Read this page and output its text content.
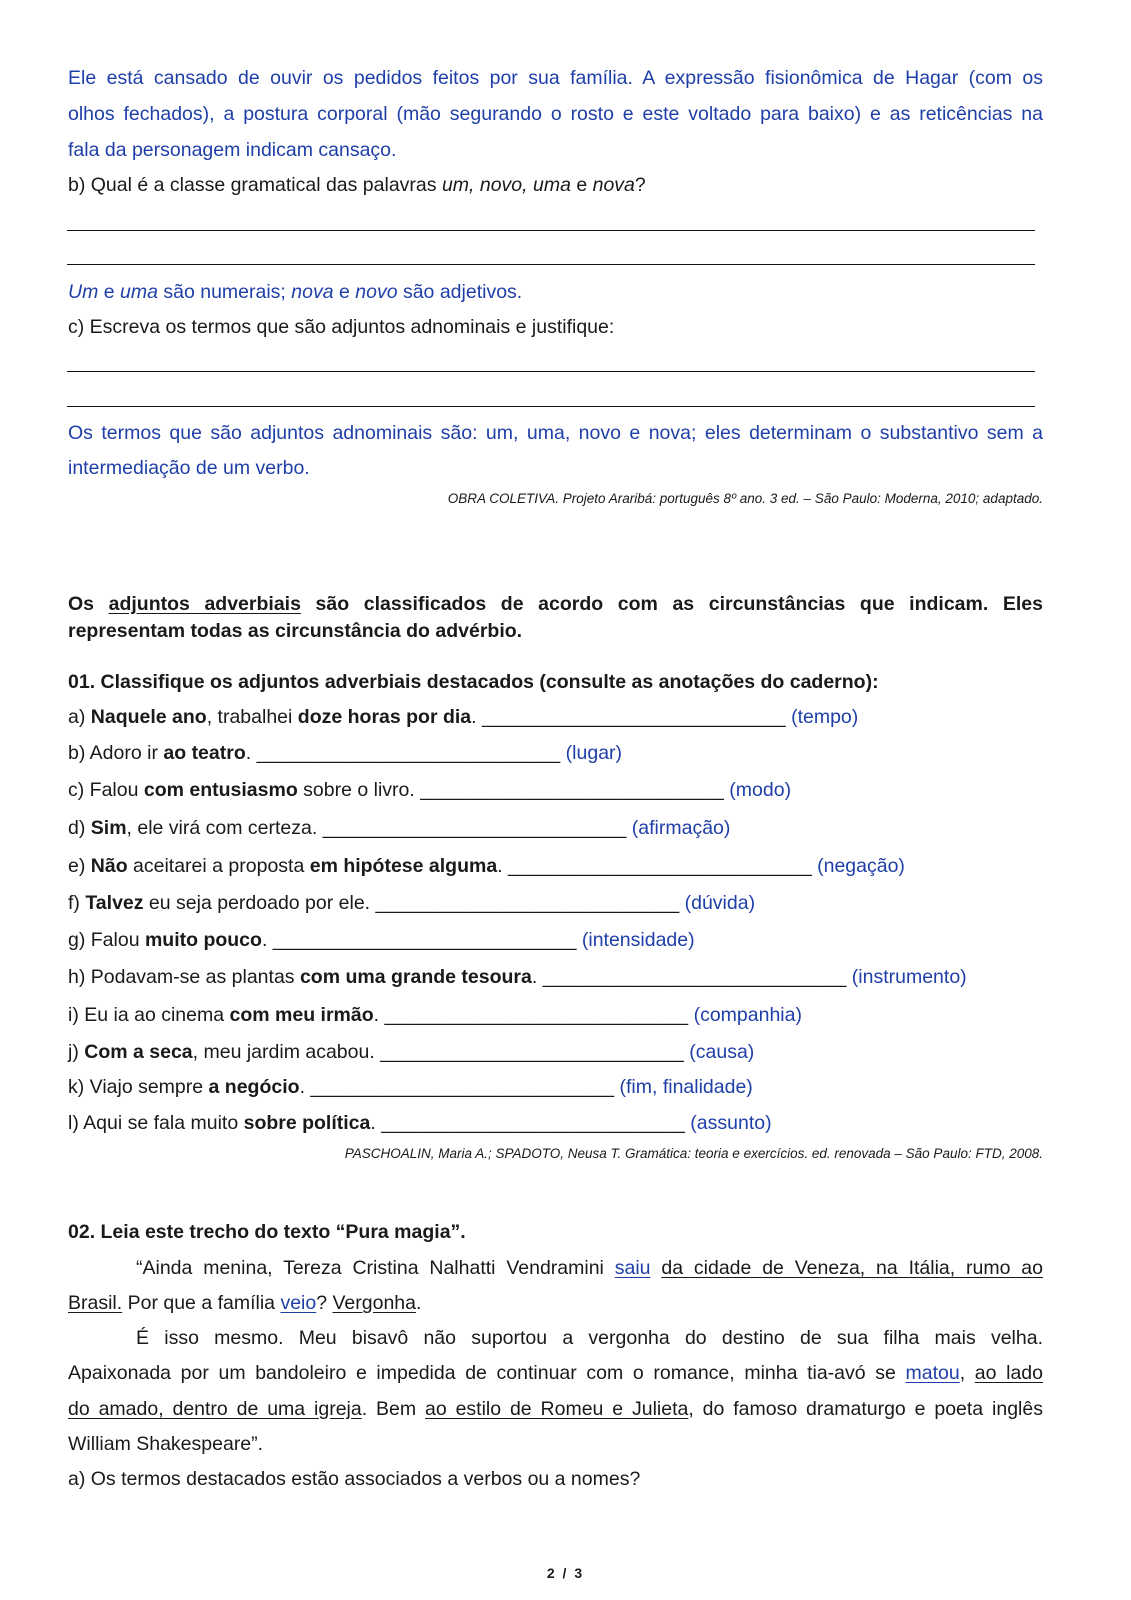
Ele está cansado de ouvir os pedidos feitos por sua família. A expressão fisionômica de Hagar (com os
olhos fechados), a postura corporal (mão segurando o rosto e este voltado para baixo) e as reticências na
fala da personagem indicam cansaço.
b) Qual é a classe gramatical das palavras um, novo, uma e nova?
Um e uma são numerais; nova e novo são adjetivos.
c) Escreva os termos que são adjuntos adnominais e justifique:
Os termos que são adjuntos adnominais são: um, uma, novo e nova; eles determinam o substantivo sem a
intermediação de um verbo.
OBRA COLETIVA. Projeto Araribá: português 8º ano. 3 ed. – São Paulo: Moderna, 2010; adaptado.
Os adjuntos adverbiais são classificados de acordo com as circunstâncias que indicam. Eles
representam todas as circunstância do advérbio.
01. Classifique os adjuntos adverbiais destacados (consulte as anotações do caderno):
a) Naquele ano, trabalhei doze horas por dia. ____________________________ (tempo)
b) Adoro ir ao teatro. ____________________________ (lugar)
c) Falou com entusiasmo sobre o livro. ____________________________ (modo)
d) Sim, ele virá com certeza. ____________________________ (afirmação)
e) Não aceitarei a proposta em hipótese alguma. ____________________________ (negação)
f) Talvez eu seja perdoado por ele. ____________________________ (dúvida)
g) Falou muito pouco. ____________________________ (intensidade)
h) Podavam-se as plantas com uma grande tesoura. ____________________________ (instrumento)
i) Eu ia ao cinema com meu irmão. ____________________________ (companhia)
j) Com a seca, meu jardim acabou. ____________________________ (causa)
k) Viajo sempre a negócio. ____________________________ (fim, finalidade)
l) Aqui se fala muito sobre política. ____________________________ (assunto)
PASCHOALIN, Maria A.; SPADOTO, Neusa T. Gramática: teoria e exercícios. ed. renovada – São Paulo: FTD, 2008.
02. Leia este trecho do texto “Pura magia”.
“Ainda menina, Tereza Cristina Nalhatti Vendramini saiu da cidade de Veneza, na Itália, rumo ao
Brasil. Por que a família veio? Vergonha.
É isso mesmo. Meu bisavô não suportou a vergonha do destino de sua filha mais velha.
Apaixonada por um bandoleiro e impedida de continuar com o romance, minha tia-avó se matou, ao lado
do amado, dentro de uma igreja. Bem ao estilo de Romeu e Julieta, do famoso dramaturgo e poeta inglês
William Shakespeare”.
a) Os termos destacados estão associados a verbos ou a nomes?
2 / 3
